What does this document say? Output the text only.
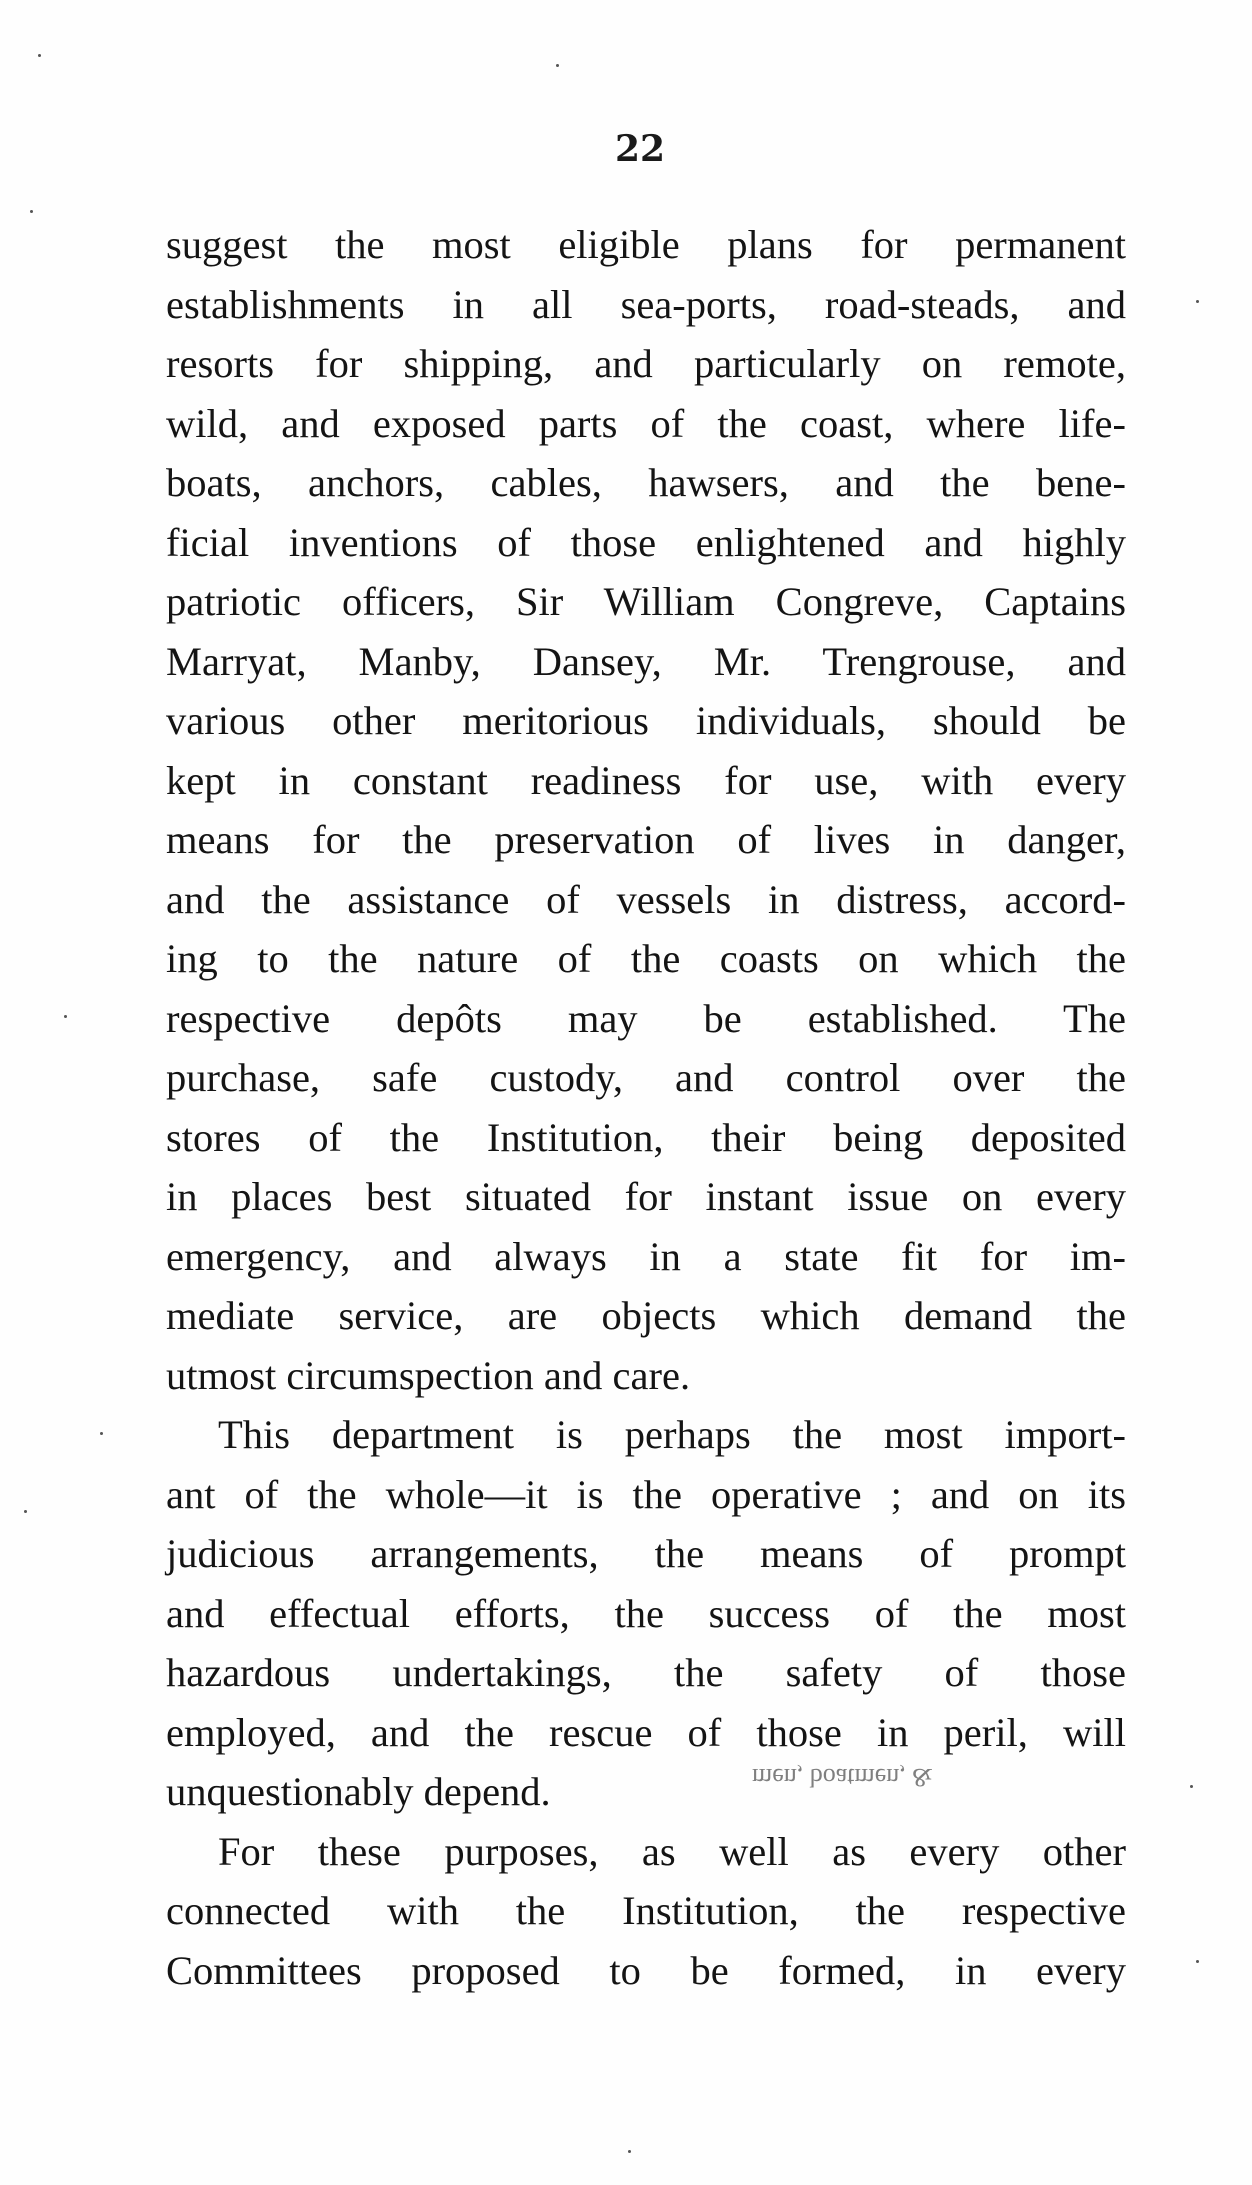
22
suggest the most eligible plans for permanent
establishments in all sea-ports, road-steads, and
resorts for shipping, and particularly on remote,
wild, and exposed parts of the coast, where life-
boats, anchors, cables, hawsers, and the bene-
ficial inventions of those enlightened and highly
patriotic officers, Sir William Congreve, Captains
Marryat, Manby, Dansey, Mr. Trengrouse, and
various other meritorious individuals, should be
kept in constant readiness for use, with every
means for the preservation of lives in danger,
and the assistance of vessels in distress, accord-
ing to the nature of the coasts on which the
respective depôts may be established. The
purchase, safe custody, and control over the
stores of the Institution, their being deposited
in places best situated for instant issue on every
emergency, and always in a state fit for im-
mediate service, are objects which demand the
utmost circumspection and care.
This department is perhaps the most import-
ant of the whole—it is the operative ; and on its
judicious arrangements, the means of prompt
and effectual efforts, the success of the most
hazardous undertakings, the safety of those
employed, and the rescue of those in peril, will
unquestionably depend.
For these purposes, as well as every other
connected with the Institution, the respective
Committees proposed to be formed, in every
men, boatmen, &
